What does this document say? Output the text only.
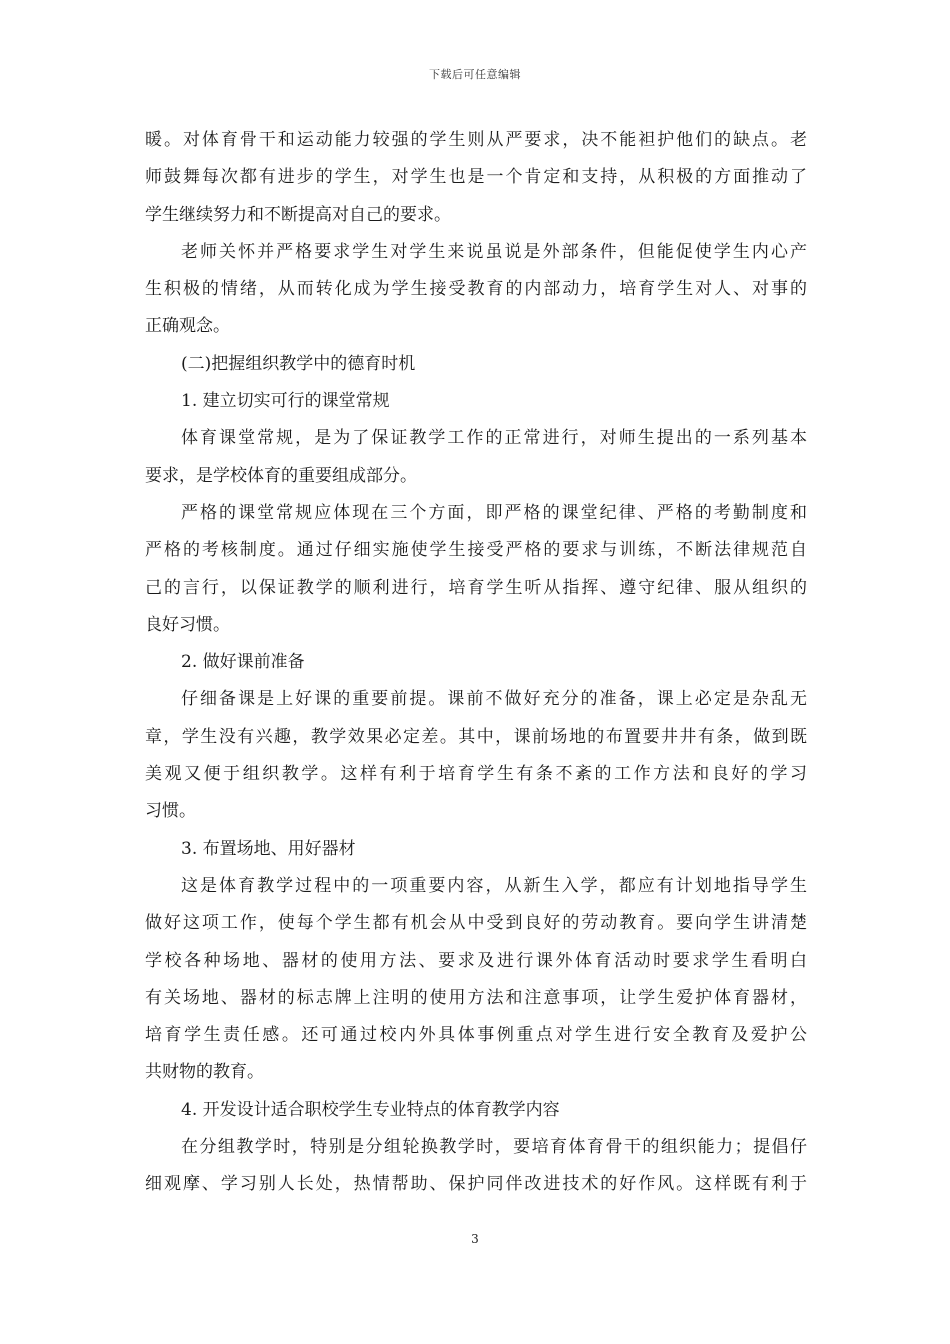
下载后可任意编辑
暖。对体育骨干和运动能力较强的学生则从严要求，决不能袒护他们的缺点。老
师鼓舞每次都有进步的学生，对学生也是一个肯定和支持，从积极的方面推动了
学生继续努力和不断提高对自己的要求。
老师关怀并严格要求学生对学生来说虽说是外部条件，但能促使学生内心产
生积极的情绪，从而转化成为学生接受教育的内部动力，培育学生对人、对事的
正确观念。
(二)把握组织教学中的德育时机
1. 建立切实可行的课堂常规
体育课堂常规，是为了保证教学工作的正常进行，对师生提出的一系列基本
要求，是学校体育的重要组成部分。
严格的课堂常规应体现在三个方面，即严格的课堂纪律、严格的考勤制度和
严格的考核制度。通过仔细实施使学生接受严格的要求与训练，不断法律规范自
己的言行，以保证教学的顺利进行，培育学生听从指挥、遵守纪律、服从组织的
良好习惯。
2. 做好课前准备
仔细备课是上好课的重要前提。课前不做好充分的准备，课上必定是杂乱无
章，学生没有兴趣，教学效果必定差。其中，课前场地的布置要井井有条，做到既
美观又便于组织教学。这样有利于培育学生有条不紊的工作方法和良好的学习
习惯。
3. 布置场地、用好器材
这是体育教学过程中的一项重要内容，从新生入学，都应有计划地指导学生
做好这项工作，使每个学生都有机会从中受到良好的劳动教育。要向学生讲清楚
学校各种场地、器材的使用方法、要求及进行课外体育活动时要求学生看明白
有关场地、器材的标志牌上注明的使用方法和注意事项，让学生爱护体育器材，
培育学生责任感。还可通过校内外具体事例重点对学生进行安全教育及爱护公
共财物的教育。
4. 开发设计适合职校学生专业特点的体育教学内容
在分组教学时，特别是分组轮换教学时，要培育体育骨干的组织能力；提倡仔
细观摩、学习别人长处，热情帮助、保护同伴改进技术的好作风。这样既有利于
3
